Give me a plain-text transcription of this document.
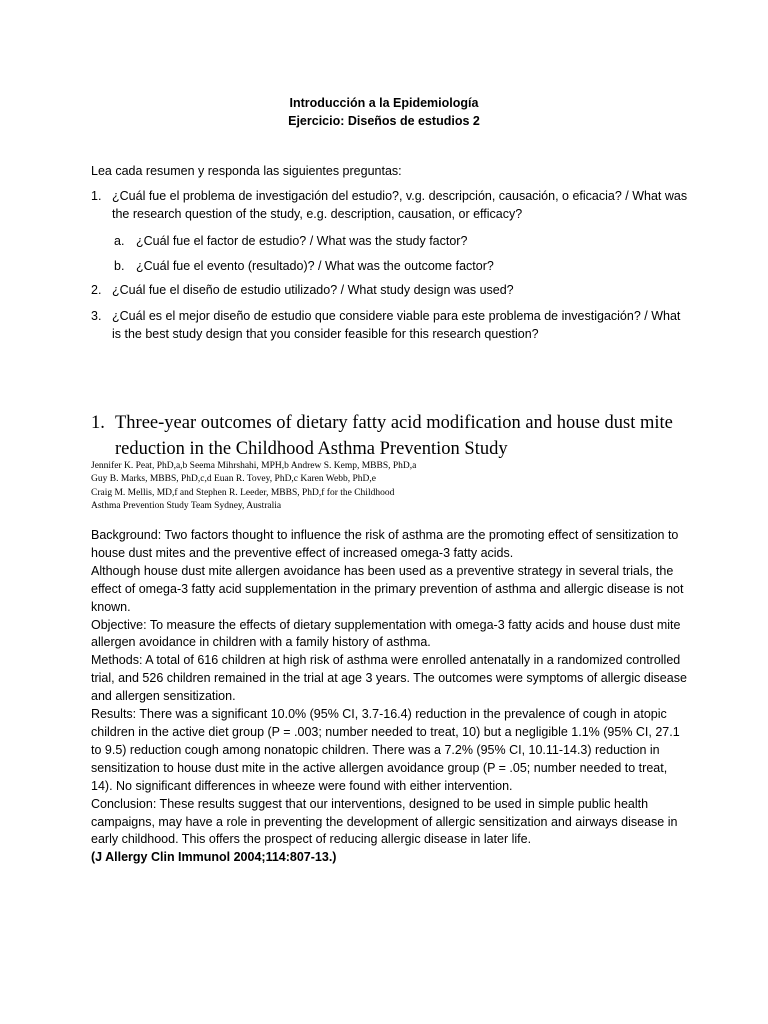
Introducción a la Epidemiología
Ejercicio: Diseños de estudios 2
Lea cada resumen y responda las siguientes preguntas:
1. ¿Cuál fue el problema de investigación del estudio?, v.g. descripción, causación, o eficacia? / What was the research question of the study, e.g. description, causation, or efficacy?
a. ¿Cuál fue el factor de estudio? / What was the study factor?
b. ¿Cuál fue el evento (resultado)? / What was the outcome factor?
2. ¿Cuál fue el diseño de estudio utilizado? / What study design was used?
3. ¿Cuál es el mejor diseño de estudio que considere viable para este problema de investigación? / What is the best study design that you consider feasible for this research question?
1. Three-year outcomes of dietary fatty acid modification and house dust mite reduction in the Childhood Asthma Prevention Study
Jennifer K. Peat, PhD,a,b Seema Mihrshahi, MPH,b Andrew S. Kemp, MBBS, PhD,a
Guy B. Marks, MBBS, PhD,c,d Euan R. Tovey, PhD,c Karen Webb, PhD,e
Craig M. Mellis, MD,f and Stephen R. Leeder, MBBS, PhD,f for the Childhood
Asthma Prevention Study Team Sydney, Australia

Background: Two factors thought to influence the risk of asthma are the promoting effect of sensitization to house dust mites and the preventive effect of increased omega-3 fatty acids.

Although house dust mite allergen avoidance has been used as a preventive strategy in several trials, the effect of omega-3 fatty acid supplementation in the primary prevention of asthma and allergic disease is not known.

Objective: To measure the effects of dietary supplementation with omega-3 fatty acids and house dust mite allergen avoidance in children with a family history of asthma.

Methods: A total of 616 children at high risk of asthma were enrolled antenatally in a randomized controlled trial, and 526 children remained in the trial at age 3 years. The outcomes were symptoms of allergic disease and allergen sensitization.

Results: There was a significant 10.0% (95% CI, 3.7-16.4) reduction in the prevalence of cough in atopic children in the active diet group (P = .003; number needed to treat, 10) but a negligible 1.1% (95% CI, 27.1 to 9.5) reduction cough among nonatopic children. There was a 7.2% (95% CI, 10.11-14.3) reduction in sensitization to house dust mite in the active allergen avoidance group (P = .05; number needed to treat, 14). No significant differences in wheeze were found with either intervention.

Conclusion: These results suggest that our interventions, designed to be used in simple public health campaigns, may have a role in preventing the development of allergic sensitization and airways disease in early childhood. This offers the prospect of reducing allergic disease in later life.

(J Allergy Clin Immunol 2004;114:807-13.)
